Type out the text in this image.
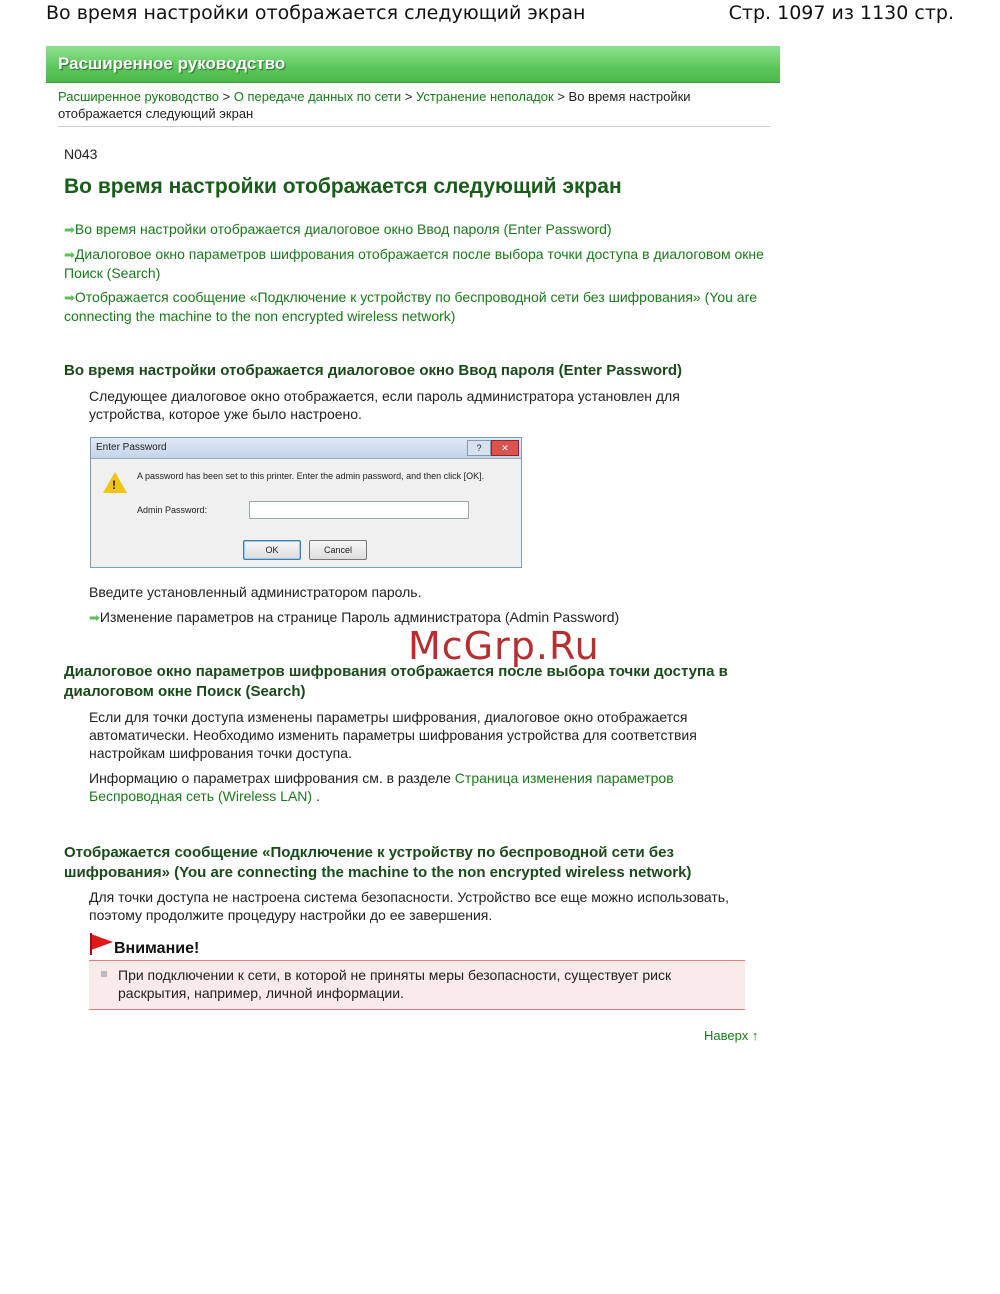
Во время настройки отображается следующий экран	Стр. 1097 из 1130 стр.
Расширенное руководство
Расширенное руководство > О передаче данных по сети > Устранение неполадок > Во время настройки отображается следующий экран
N043
Во время настройки отображается следующий экран
➡Во время настройки отображается диалоговое окно Ввод пароля (Enter Password)
➡Диалоговое окно параметров шифрования отображается после выбора точки доступа в диалоговом окне Поиск (Search)
➡Отображается сообщение «Подключение к устройству по беспроводной сети без шифрования» (You are connecting the machine to the non encrypted wireless network)
Во время настройки отображается диалоговое окно Ввод пароля (Enter Password)
Следующее диалоговое окно отображается, если пароль администратора установлен для устройства, которое уже было настроено.
Enter Password	?	✕
!
A password has been set to this printer. Enter the admin password, and then click [OK].
Admin Password:
OK	Cancel
Введите установленный администратором пароль.
➡Изменение параметров на странице Пароль администратора (Admin Password)
McGrp.Ru
Диалоговое окно параметров шифрования отображается после выбора точки доступа в диалоговом окне Поиск (Search)
Если для точки доступа изменены параметры шифрования, диалоговое окно отображается автоматически. Необходимо изменить параметры шифрования устройства для соответствия настройкам шифрования точки доступа.
Информацию о параметрах шифрования см. в разделе Страница изменения параметров Беспроводная сеть (Wireless LAN) .
Отображается сообщение «Подключение к устройству по беспроводной сети без шифрования» (You are connecting the machine to the non encrypted wireless network)
Для точки доступа не настроена система безопасности. Устройство все еще можно использовать, поэтому продолжите процедуру настройки до ее завершения.
Внимание!
При подключении к сети, в которой не приняты меры безопасности, существует риск раскрытия, например, личной информации.
Наверх ↑
